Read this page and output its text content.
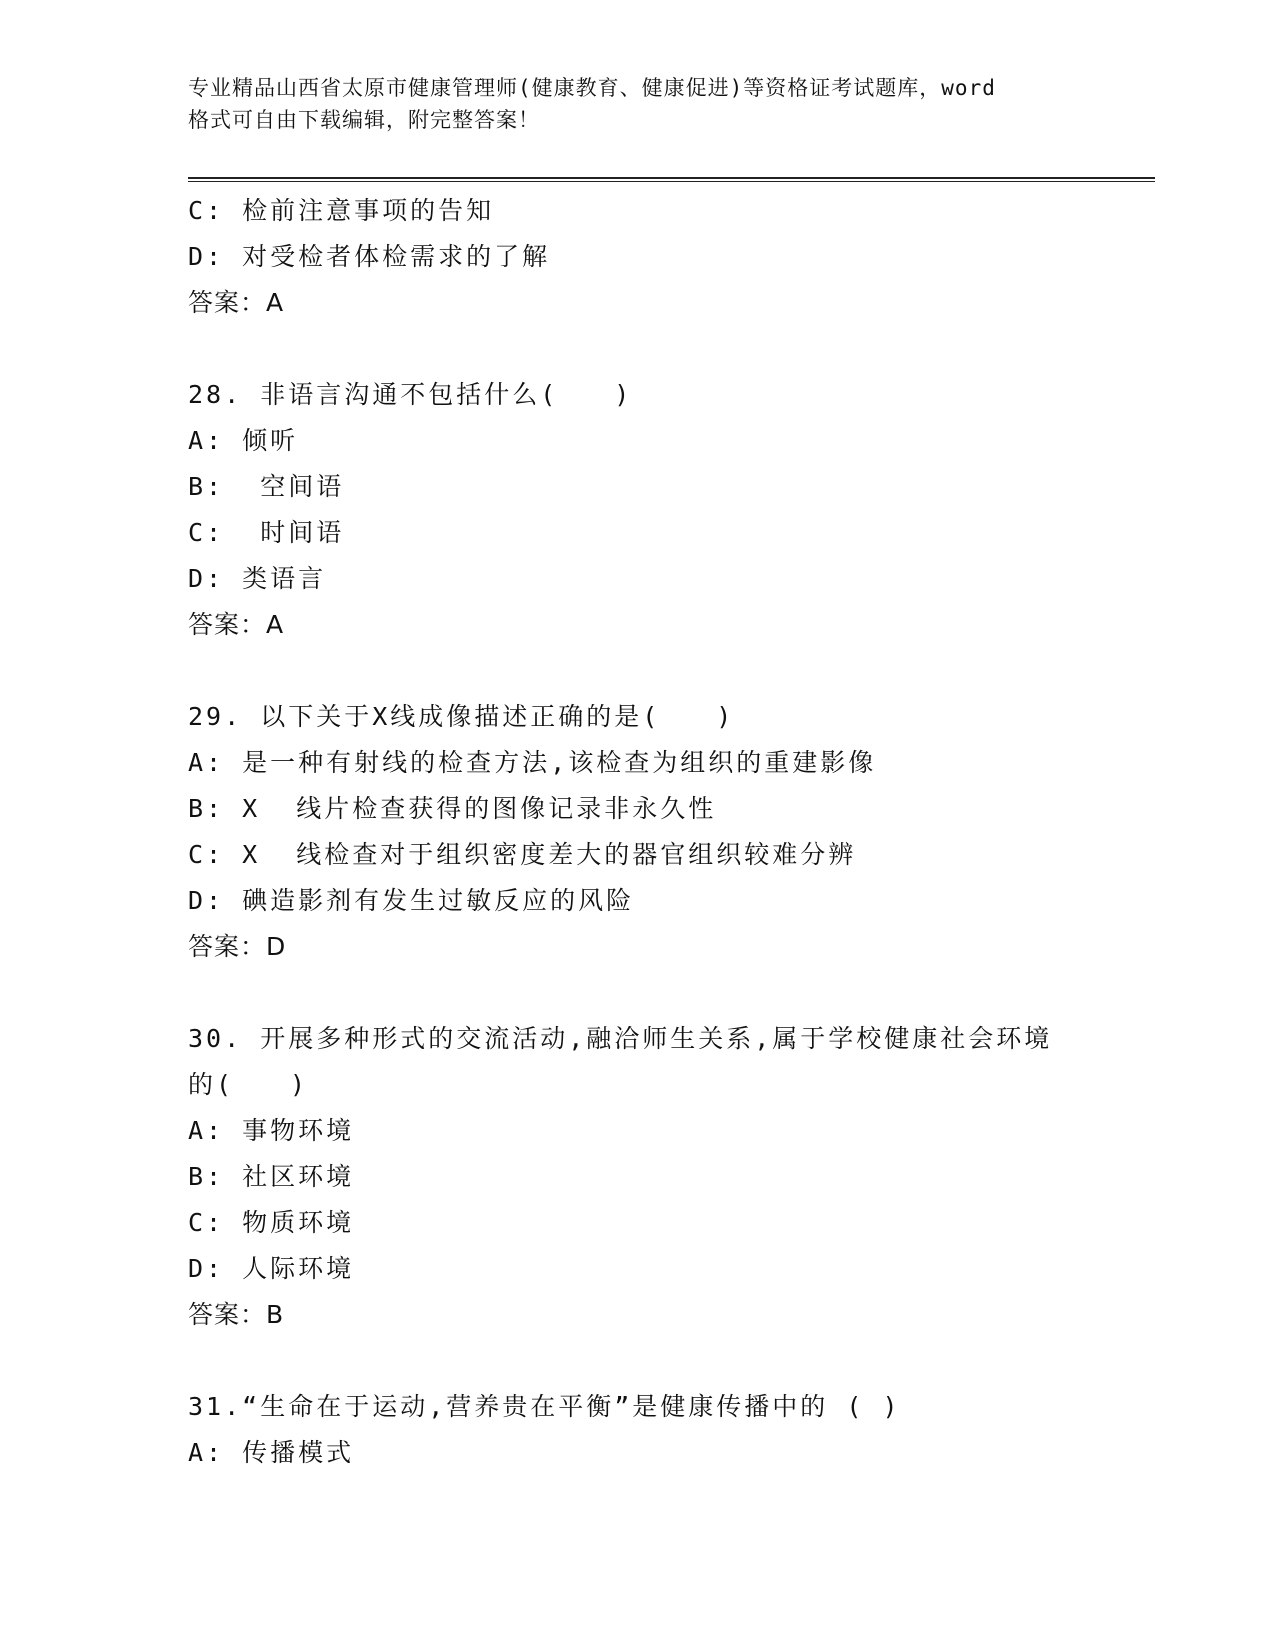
专业精品山西省太原市健康管理师(健康教育、健康促进)等资格证考试题库，word
格式可自由下载编辑，附完整答案！
C: 检前注意事项的告知
D: 对受检者体检需求的了解
答案：A
28. 非语言沟通不包括什么(　　)
A: 倾听
B:  空间语
C:  时间语
D: 类语言
答案：A
29. 以下关于X线成像描述正确的是(　　)
A: 是一种有射线的检查方法,该检查为组织的重建影像
B: X  线片检查获得的图像记录非永久性
C: X  线检查对于组织密度差大的器官组织较难分辨
D: 碘造影剂有发生过敏反应的风险
答案：D
30. 开展多种形式的交流活动,融洽师生关系,属于学校健康社会环境
的(　　)
A: 事物环境
B: 社区环境
C: 物质环境
D: 人际环境
答案：B
31.“生命在于运动,营养贵在平衡”是健康传播中的 ( )
A: 传播模式
